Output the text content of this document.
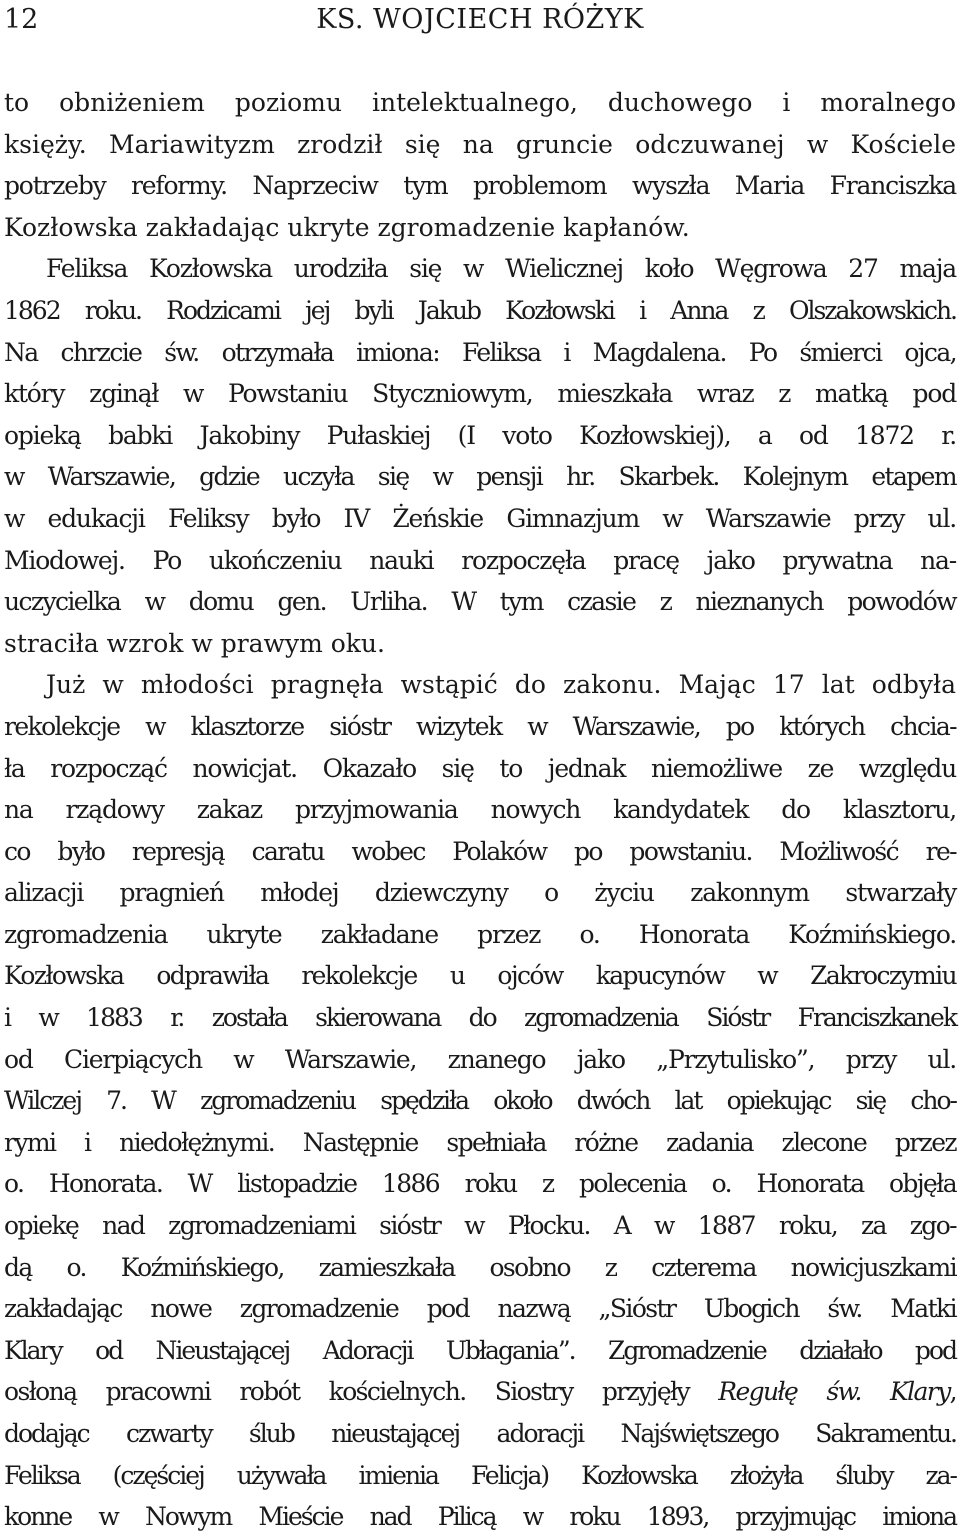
12	KS. WOJCIECH RÓŻYK
to obniżeniem poziomu intelektualnego, duchowego i moralnego
księży. Mariawityzm zrodził się na gruncie odczuwanej w Kościele
potrzeby reformy. Naprzeciw tym problemom wyszła Maria Franciszka
Kozłowska zakładając ukryte zgromadzenie kapłanów.
Feliksa Kozłowska urodziła się w Wielicznej koło Węgrowa 27 maja
1862 roku. Rodzicami jej byli Jakub Kozłowski i Anna z Olszakowskich.
Na chrzcie św. otrzymała imiona: Feliksa i Magdalena. Po śmierci ojca,
który zginął w Powstaniu Styczniowym, mieszkała wraz z matką pod
opieką babki Jakobiny Pułaskiej (I voto Kozłowskiej), a od 1872 r.
w Warszawie, gdzie uczyła się w pensji hr. Skarbek. Kolejnym etapem
w edukacji Feliksy było IV Żeńskie Gimnazjum w Warszawie przy ul.
Miodowej. Po ukończeniu nauki rozpoczęła pracę jako prywatna na-
uczycielka w domu gen. Urliha. W tym czasie z nieznanych powodów
straciła wzrok w prawym oku.
Już w młodości pragnęła wstąpić do zakonu. Mając 17 lat odbyła
rekolekcje w klasztorze sióstr wizytek w Warszawie, po których chcia-
ła rozpocząć nowicjat. Okazało się to jednak niemożliwe ze względu
na rządowy zakaz przyjmowania nowych kandydatek do klasztoru,
co było represją caratu wobec Polaków po powstaniu. Możliwość re-
alizacji pragnień młodej dziewczyny o życiu zakonnym stwarzały
zgromadzenia ukryte zakładane przez o. Honorata Koźmińskiego.
Kozłowska odprawiła rekolekcje u ojców kapucynów w Zakroczymiu
i w 1883 r. została skierowana do zgromadzenia Sióstr Franciszkanek
od Cierpiących w Warszawie, znanego jako „Przytulisko”, przy ul.
Wilczej 7. W zgromadzeniu spędziła około dwóch lat opiekując się cho-
rymi i niedołężnymi. Następnie spełniała różne zadania zlecone przez
o. Honorata. W listopadzie 1886 roku z polecenia o. Honorata objęła
opiekę nad zgromadzeniami sióstr w Płocku. A w 1887 roku, za zgo-
dą o. Koźmińskiego, zamieszkała osobno z czterema nowicjuszkami
zakładając nowe zgromadzenie pod nazwą „Sióstr Ubogich św. Matki
Klary od Nieustającej Adoracji Ubłagania”. Zgromadzenie działało pod
osłoną pracowni robót kościelnych. Siostry przyjęły Regułę św. Klary,
dodając czwarty ślub nieustającej adoracji Najświętszego Sakramentu.
Feliksa (częściej używała imienia Felicja) Kozłowska złożyła śluby za-
konne w Nowym Mieście nad Pilicą w roku 1893, przyjmując imiona
